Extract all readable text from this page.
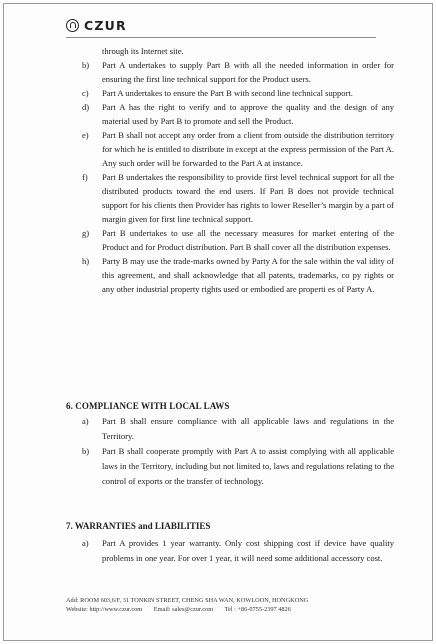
CZUR
through its Internet site.
b)	Part A undertakes to supply Part B with all the needed information in order for ensuring the first line technical support for the Product users.
c)	Part A undertakes to ensure the Part B with second line technical support.
d)	Part A has the right to verify and to approve the quality and the design of any material used by Part B to promote and sell the Product.
e)	Part B shall not accept any order from a client from outside the distribution territory for which he is entitled to distribute in except at the express permission of the Part A. Any such order will be forwarded to the Part A at instance.
f)	Part B undertakes the responsibility to provide first level technical support for all the distributed products toward the end users. If Part B does not provide technical support for his clients then Provider has rights to lower Reseller’s margin by a part of margin given for first line technical support.
g)	Part B undertakes to use all the necessary measures for market entering of the Product and for Product distribution. Part B shall cover all the distribution expenses.
h)	Party B may use the trade-marks owned by Party A for the sale within the val idity of this agreement, and shall acknowledge that all patents, trademarks, co py rights or any other industrial property rights used or embodied are properti es of Party A.
6. COMPLIANCE WITH LOCAL LAWS
a)	Part B shall ensure compliance with all applicable laws and regulations in the Territory.
b)	Part B shall cooperate promptly with Part A to assist complying with all applicable laws in the Territory, including but not limited to, laws and regulations relating to the control of exports or the transfer of technology.
7. WARRANTIES and LIABILITIES
a)	Part A provides 1 year warranty. Only cost shipping cost if device have quality problems in one year. For over 1 year, it will need some additional accessory cost.
Add: ROOM 603,6/F, 31 TONKIN STREET, CHENG SHA WAN, KOWLOON, HONGKONG
Website: http://www.czur.com Email: sales@czur.com Tel : +86-0755-2397 4826
